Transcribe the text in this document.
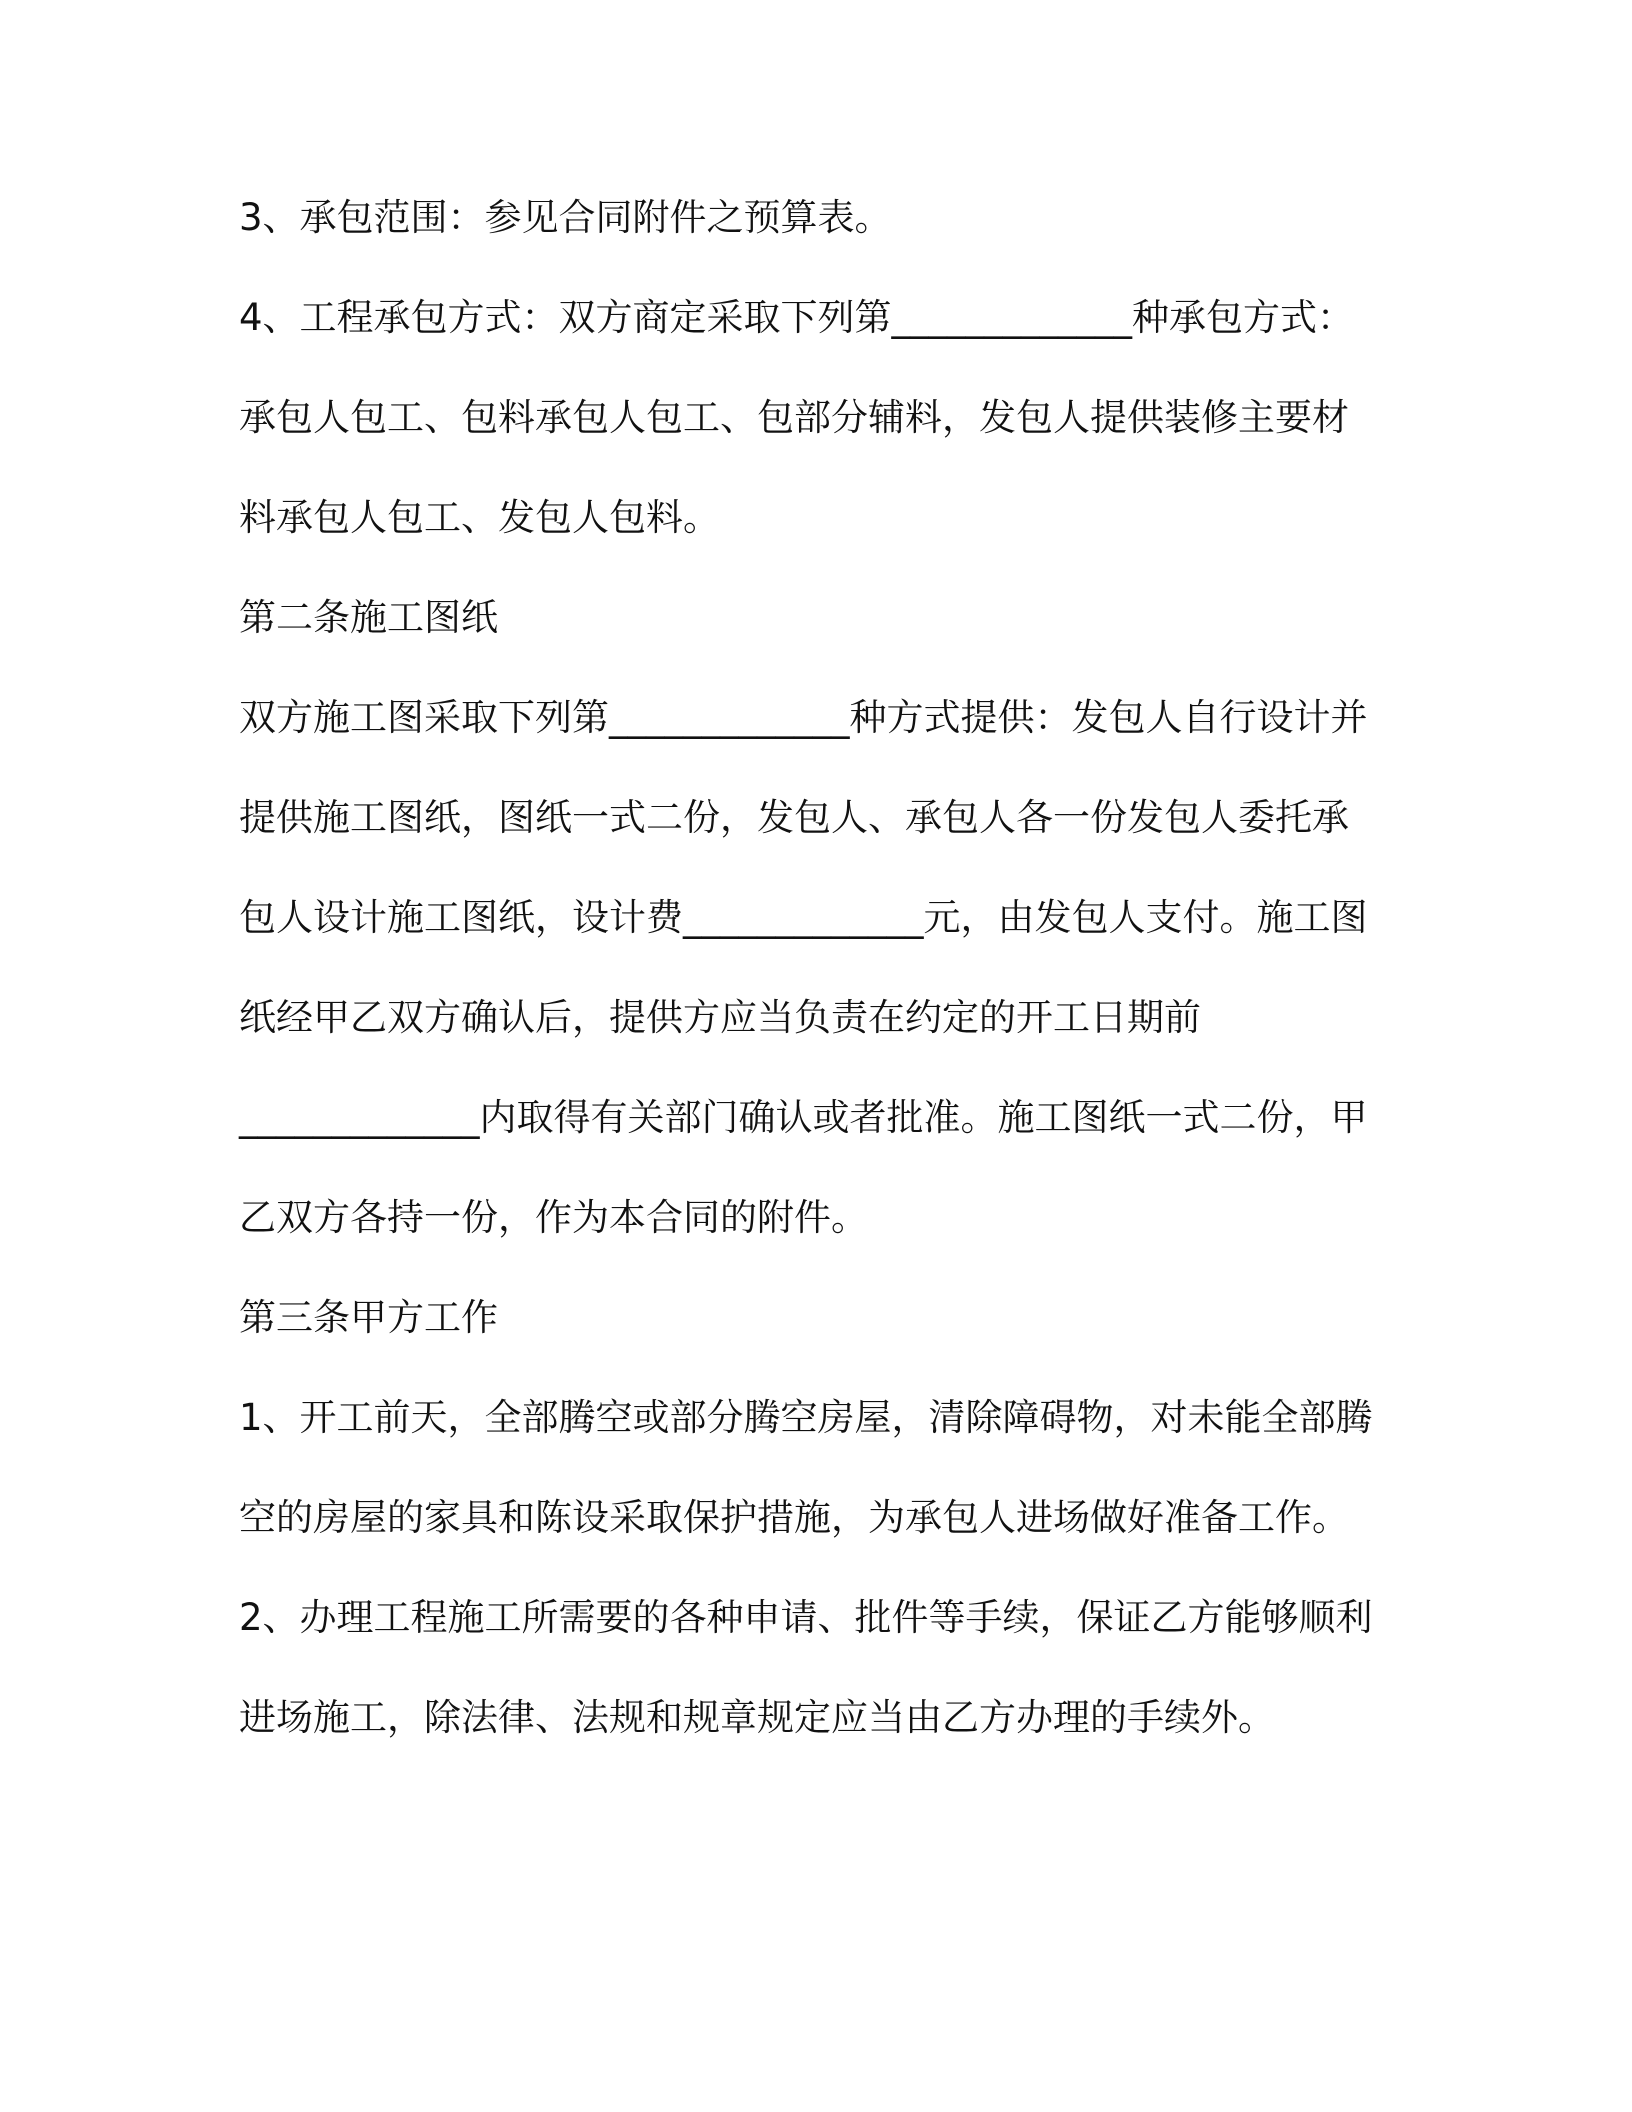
3、承包范围：参见合同附件之预算表。
4、工程承包方式：双方商定采取下列第_____________种承包方式：
承包人包工、包料承包人包工、包部分辅料，发包人提供装修主要材
料承包人包工、发包人包料。
第二条施工图纸
双方施工图采取下列第_____________种方式提供：发包人自行设计并
提供施工图纸，图纸一式二份，发包人、承包人各一份发包人委托承
包人设计施工图纸，设计费_____________元，由发包人支付。施工图
纸经甲乙双方确认后，提供方应当负责在约定的开工日期前
_____________内取得有关部门确认或者批准。施工图纸一式二份，甲
乙双方各持一份，作为本合同的附件。
第三条甲方工作
1、开工前天，全部腾空或部分腾空房屋，清除障碍物，对未能全部腾
空的房屋的家具和陈设采取保护措施，为承包人进场做好准备工作。
2、办理工程施工所需要的各种申请、批件等手续，保证乙方能够顺利
进场施工，除法律、法规和规章规定应当由乙方办理的手续外。
